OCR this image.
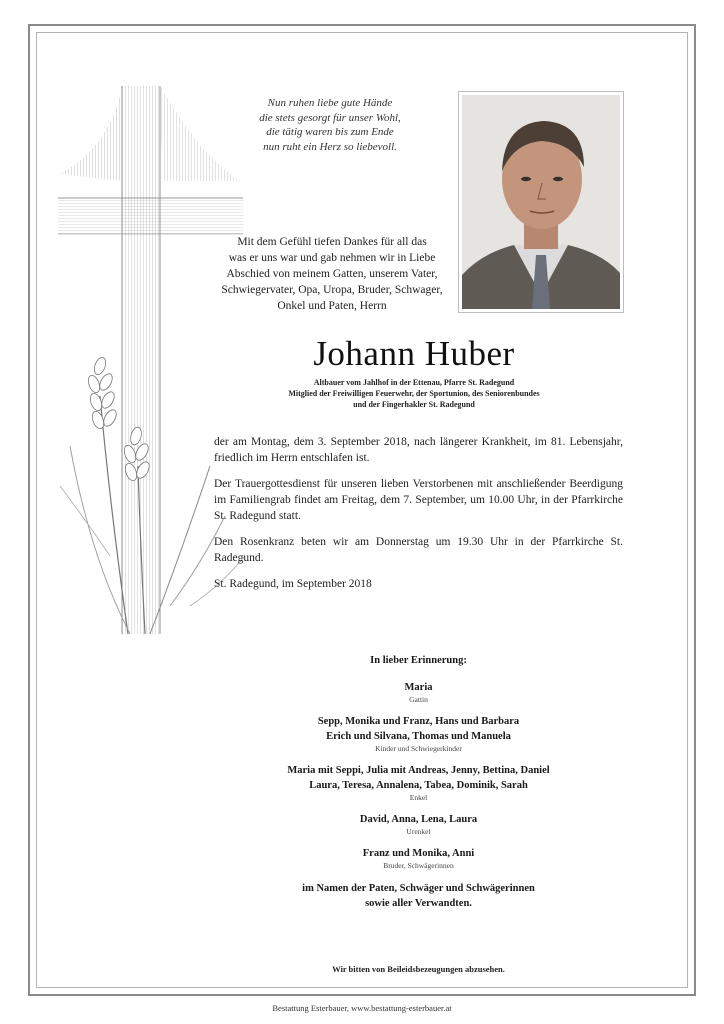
Nun ruhen liebe gute Hände
die stets gesorgt für unser Wohl,
die tätig waren bis zum Ende
nun ruht ein Herz so liebevoll.
Mit dem Gefühl tiefen Dankes für all das
was er uns war und gab nehmen wir in Liebe
Abschied von meinem Gatten, unserem Vater,
Schwiegervater, Opa, Uropa, Bruder, Schwager,
Onkel und Paten, Herrn
Johann Huber
Altbauer vom Jahlhof in der Ettenau, Pfarre St. Radegund
Mitglied der Freiwilligen Feuerwehr, der Sportunion, des Seniorenbundes
und der Fingerhakler St. Radegund

der am Montag, dem 3. September 2018, nach längerer Krankheit, im 81. Lebensjahr, friedlich im Herrn entschlafen ist.

Der Trauergottesdienst für unseren lieben Verstorbenen mit anschließender Beerdigung im Familiengrab findet am Freitag, dem 7. September, um 10.00 Uhr, in der Pfarrkirche St. Radegund statt.

Den Rosenkranz beten wir am Donnerstag um 19.30 Uhr in der Pfarrkirche St. Radegund.

St. Radegund, im September 2018

In lieber Erinnerung:
Maria
Gattin
Sepp, Monika und Franz, Hans und Barbara
Erich und Silvana, Thomas und Manuela
Kinder und Schwiegerkinder
Maria mit Seppi, Julia mit Andreas, Jenny, Bettina, Daniel
Laura, Teresa, Annalena, Tabea, Dominik, Sarah
Enkel
David, Anna, Lena, Laura
Urenkel
Franz und Monika, Anni
Bruder, Schwägerinnen
im Namen der Paten, Schwäger und Schwägerinnen
sowie aller Verwandten.
Wir bitten von Beileidsbezeugungen abzusehen.
Bestattung Esterbauer, www.bestattung-esterbauer.at
